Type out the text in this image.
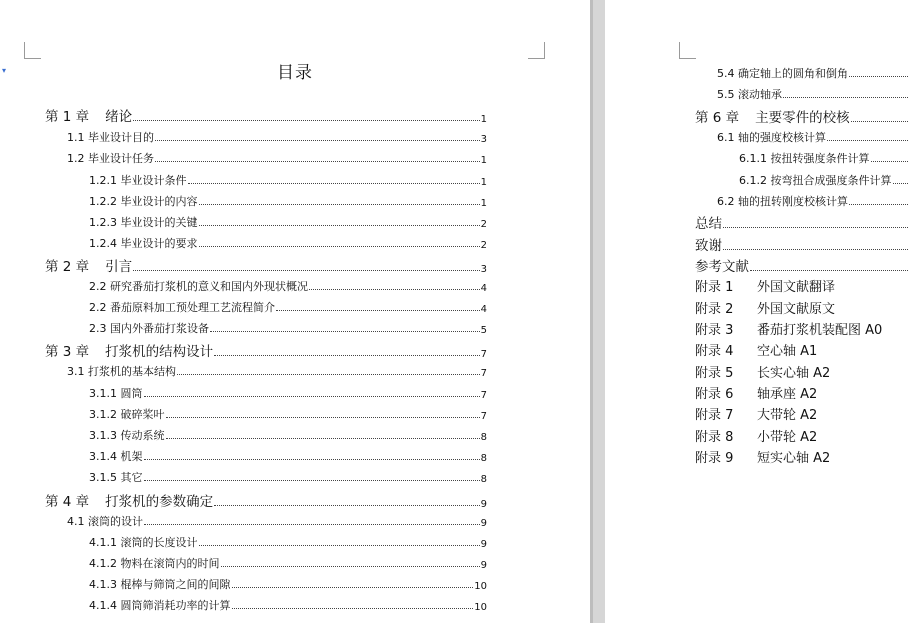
▾	目录
第 1 章 绪论	1
1.1 毕业设计目的	3
1.2 毕业设计任务	1
1.2.1 毕业设计条件	1
1.2.2 毕业设计的内容	1
1.2.3 毕业设计的关键	2
1.2.4 毕业设计的要求	2
第 2 章 引言	3
2.2 研究番茄打浆机的意义和国内外现状概况	4
2.2 番茄原料加工预处理工艺流程简介	4
2.3 国内外番茄打浆设备	5
第 3 章 打浆机的结构设计	7
3.1 打浆机的基本结构	7
3.1.1 圆筒	7
3.1.2 破碎桨叶	7
3.1.3 传动系统	8
3.1.4 机架	8
3.1.5 其它	8
第 4 章 打浆机的参数确定	9
4.1 滚筒的设计	9
4.1.1 滚筒的长度设计	9
4.1.2 物料在滚筒内的时间	9
4.1.3 棍棒与筛筒之间的间隙	10
4.1.4 圆筒筛消耗功率的计算	10
5.4 确定轴上的圆角和倒角
5.5 滚动轴承
第 6 章 主要零件的校核
6.1 轴的强度校核计算
6.1.1 按扭转强度条件计算
6.1.2 按弯扭合成强度条件计算
6.2 轴的扭转刚度校核计算
总结
致谢
参考文献
附录 1 外国文献翻译
附录 2 外国文献原文
附录 3 番茄打浆机装配图 A0
附录 4 空心轴 A1
附录 5 长实心轴 A2
附录 6 轴承座 A2
附录 7 大带轮 A2
附录 8 小带轮 A2
附录 9 短实心轴 A2
